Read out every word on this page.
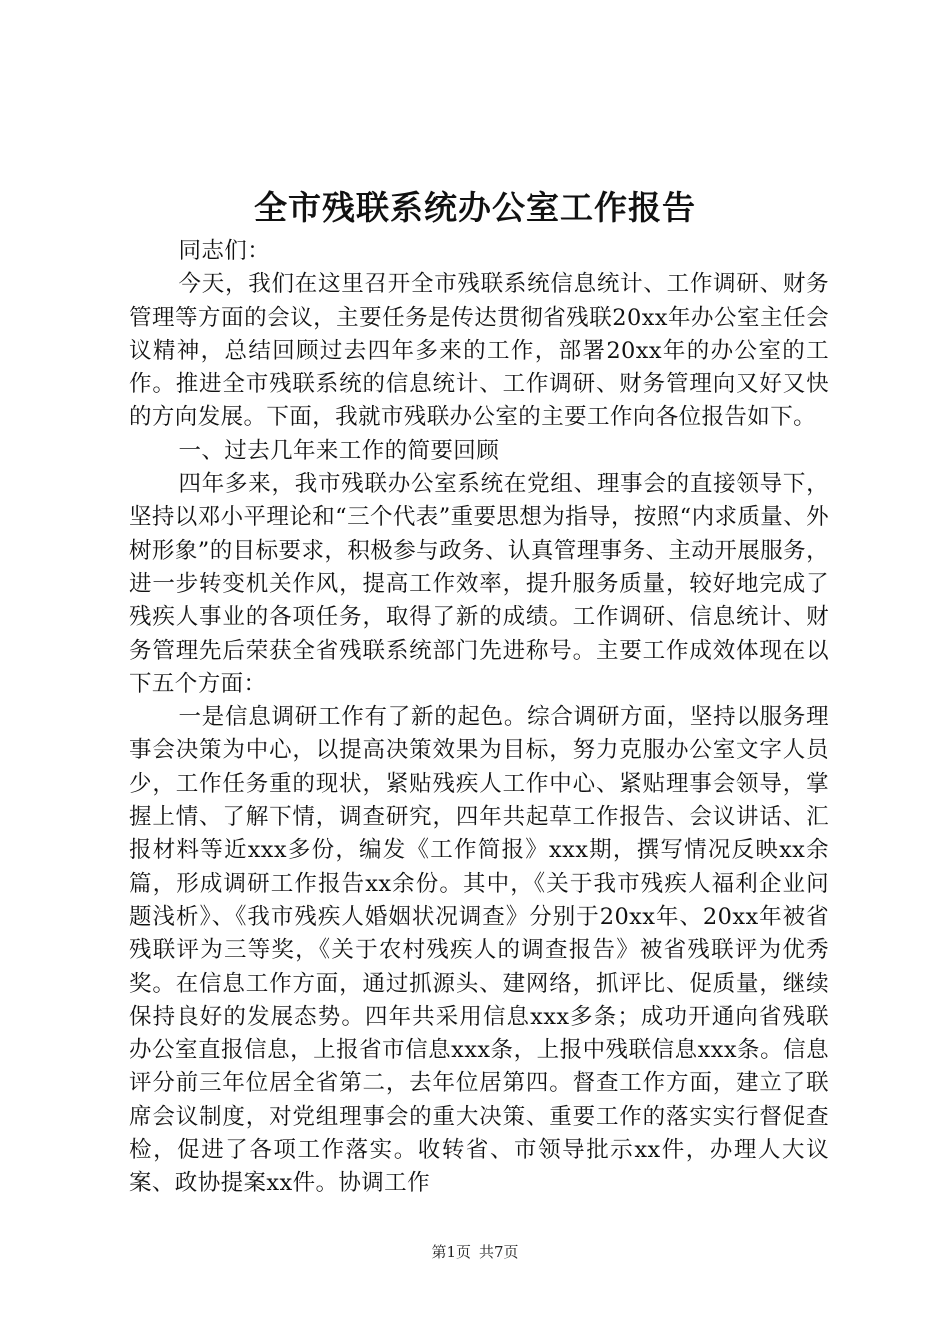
全市残联系统办公室工作报告

同志们：

今天，我们在这里召开全市残联系统信息统计、工作调研、财务管理等方面的会议，主要任务是传达贯彻省残联20xx年办公室主任会议精神，总结回顾过去四年多来的工作，部署20xx年的办公室的工作。推进全市残联系统的信息统计、工作调研、财务管理向又好又快的方向发展。下面，我就市残联办公室的主要工作向各位报告如下。

一、过去几年来工作的简要回顾

四年多来，我市残联办公室系统在党组、理事会的直接领导下，坚持以邓小平理论和“三个代表”重要思想为指导，按照“内求质量、外树形象”的目标要求，积极参与政务、认真管理事务、主动开展服务，进一步转变机关作风，提高工作效率，提升服务质量，较好地完成了残疾人事业的各项任务，取得了新的成绩。工作调研、信息统计、财务管理先后荣获全省残联系统部门先进称号。主要工作成效体现在以下五个方面：

一是信息调研工作有了新的起色。综合调研方面，坚持以服务理事会决策为中心，以提高决策效果为目标，努力克服办公室文字人员少，工作任务重的现状，紧贴残疾人工作中心、紧贴理事会领导，掌握上情、了解下情，调查研究，四年共起草工作报告、会议讲话、汇报材料等近xxx多份，编发《工作简报》xxx期，撰写情况反映xx余篇，形成调研工作报告xx余份。其中，《关于我市残疾人福利企业问题浅析》、《我市残疾人婚姻状况调查》分别于20xx年、20xx年被省残联评为三等奖，《关于农村残疾人的调查报告》被省残联评为优秀奖。在信息工作方面，通过抓源头、建网络，抓评比、促质量，继续保持良好的发展态势。四年共采用信息xxx多条；成功开通向省残联办公室直报信息，上报省市信息xxx条，上报中残联信息xxx条。信息评分前三年位居全省第二，去年位居第四。督查工作方面，建立了联席会议制度，对党组理事会的重大决策、重要工作的落实实行督促查检，促进了各项工作落实。收转省、市领导批示xx件，办理人大议案、政协提案xx件。协调工作

第1页 共7页
